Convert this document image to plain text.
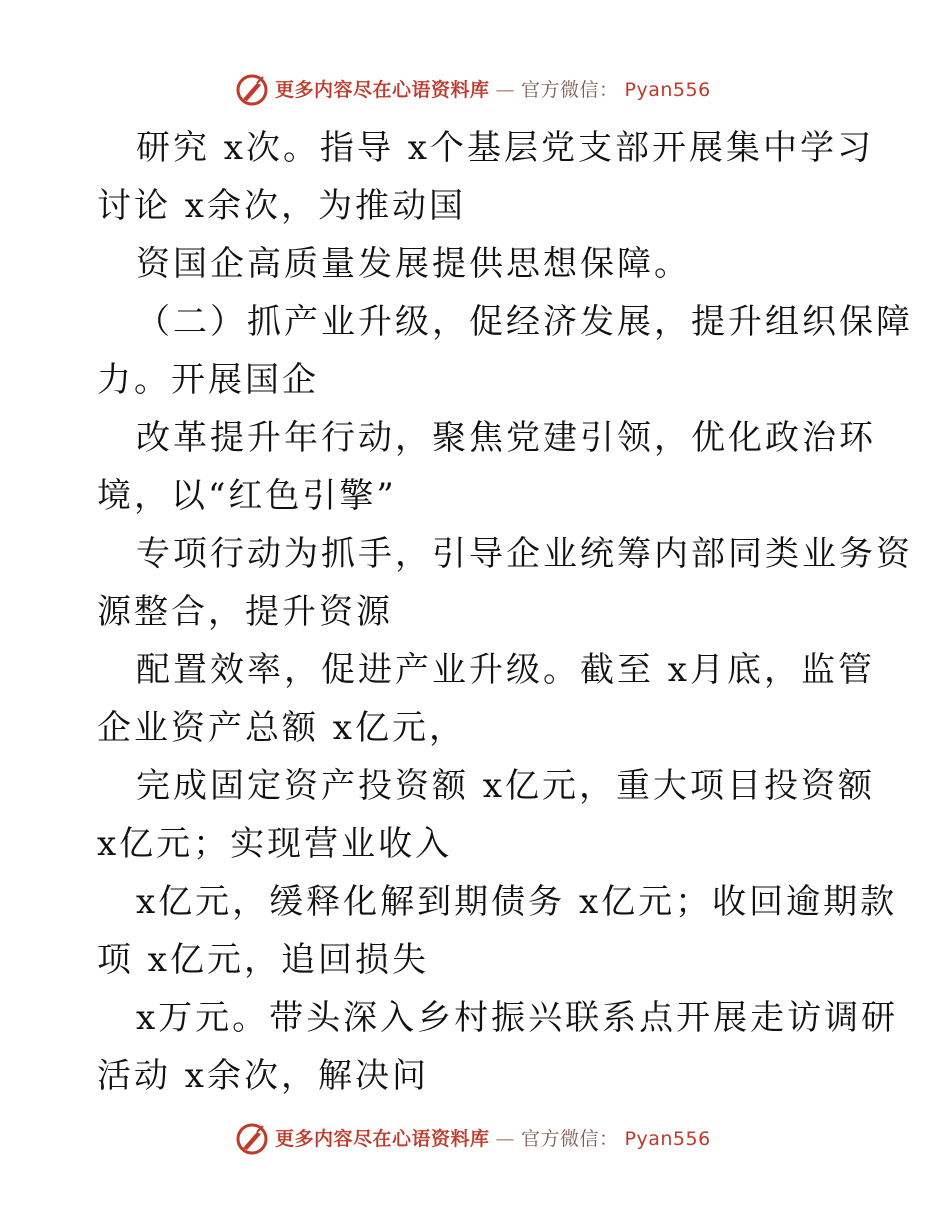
更多内容尽在心语资料库 — 官方微信： Pyan556
研究 x次。指导 x个基层党支部开展集中学习
讨论 x余次，为推动国
资国企高质量发展提供思想保障。
（二）抓产业升级，促经济发展，提升组织保障
力。开展国企
改革提升年行动，聚焦党建引领，优化政治环
境，以“红色引擎”
专项行动为抓手，引导企业统筹内部同类业务资
源整合，提升资源
配置效率，促进产业升级。截至 x月底，监管
企业资产总额 x亿元，
完成固定资产投资额 x亿元，重大项目投资额
x亿元；实现营业收入
x亿元，缓释化解到期债务 x亿元；收回逾期款
项 x亿元，追回损失
x万元。带头深入乡村振兴联系点开展走访调研
活动 x余次，解决问
更多内容尽在心语资料库 — 官方微信： Pyan556
